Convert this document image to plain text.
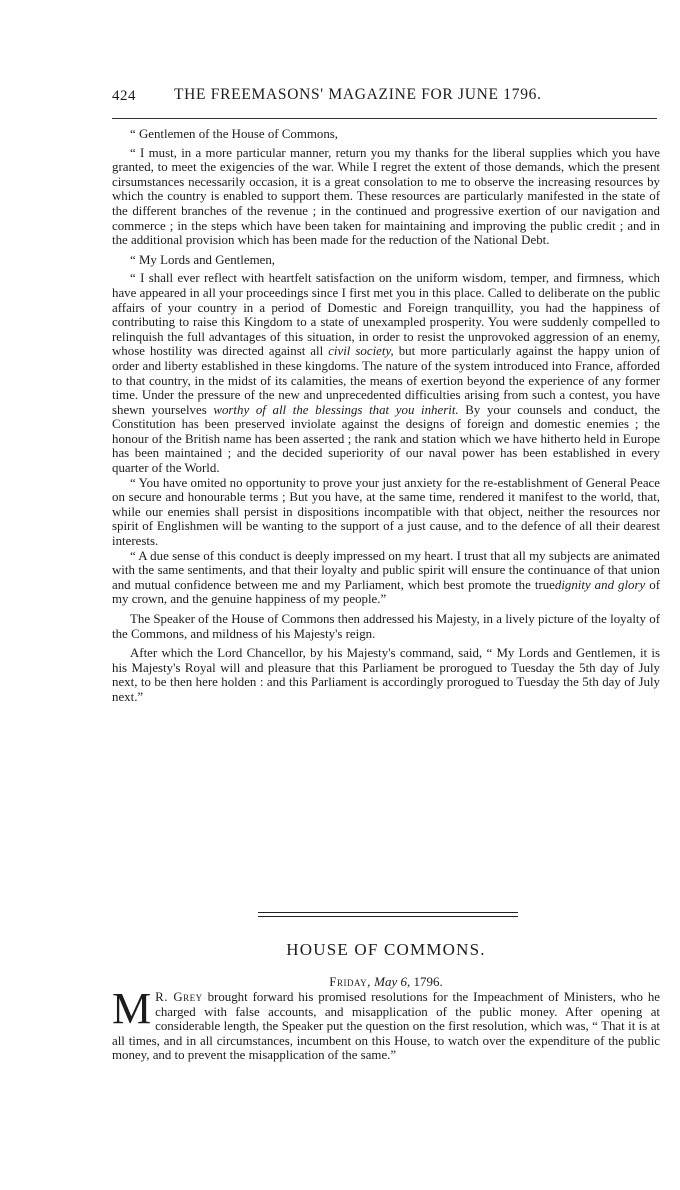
424 THE FREEMASONS' MAGAZINE FOR JUNE 1796.

“ Gentlemen of the House of Commons,

“ I must, in a more particular manner, return you my thanks for the liberal supplies which you have granted, to meet the exigencies of the war. While I regret the extent of those demands, which the present cirsumstances necessarily occasion, it is a great consolation to me to observe the increasing resources by which the country is enabled to support them. These resources are particularly manifested in the state of the different branches of the revenue ; in the continued and progressive exertion of our navigation and commerce ; in the steps which have been taken for maintaining and improving the public credit ; and in the additional provision which has been made for the reduction of the National Debt.

“ My Lords and Gentlemen,

“ I shall ever reflect with heartfelt satisfaction on the uniform wisdom, temper, and firmness, which have appeared in all your proceedings since I first met you in this place. Called to deliberate on the public affairs of your country in a period of Domestic and Foreign tranquillity, you had the happiness of contributing to raise this Kingdom to a state of unexampled prosperity. You were suddenly compelled to relinquish the full advantages of this situation, in order to resist the unprovoked aggression of an enemy, whose hostility was directed against all civil society, but more particularly against the happy union of order and liberty established in these kingdoms. The nature of the system introduced into France, afforded to that country, in the midst of its calamities, the means of exertion beyond the experience of any former time. Under the pressure of the new and unprecedented difficulties arising from such a contest, you have shewn yourselves worthy of all the blessings that you inherit. By your counsels and conduct, the Constitution has been preserved inviolate against the designs of foreign and domestic enemies ; the honour of the British name has been asserted ; the rank and station which we have hitherto held in Europe has been maintained ; and the decided superiority of our naval power has been established in every quarter of the World.

“ You have omited no opportunity to prove your just anxiety for the re-establishment of General Peace on secure and honourable terms ; But you have, at the same time, rendered it manifest to the world, that, while our enemies shall persist in dispositions incompatible with that object, neither the resources nor spirit of Englishmen will be wanting to the support of a just cause, and to the defence of all their dearest interests.

“ A due sense of this conduct is deeply impressed on my heart. I trust that all my subjects are animated with the same sentiments, and that their loyalty and public spirit will ensure the continuance of that union and mutual confidence between me and my Parliament, which best promote the truedignity and glory of my crown, and the genuine happiness of my people.”

The Speaker of the House of Commons then addressed his Majesty, in a lively picture of the loyalty of the Commons, and mildness of his Majesty's reign.

After which the Lord Chancellor, by his Majesty's command, said, “ My Lords and Gentlemen, it is his Majesty's Royal will and pleasure that this Parliament be prorogued to Tuesday the 5th day of July next, to be then here holden : and this Parliament is accordingly prorogued to Tuesday the 5th day of July next.”

HOUSE OF COMMONS.
Friday, May 6, 1796.
M R. Grey brought forward his promised resolutions for the Impeachment of Ministers, who he charged with false accounts, and misapplication of the public money. After opening at considerable length, the Speaker put the question on the first resolution, which was, “ That it is at all times, and in all circumstances, incumbent on this House, to watch over the expenditure of the public money, and to prevent the misapplication of the same.”
